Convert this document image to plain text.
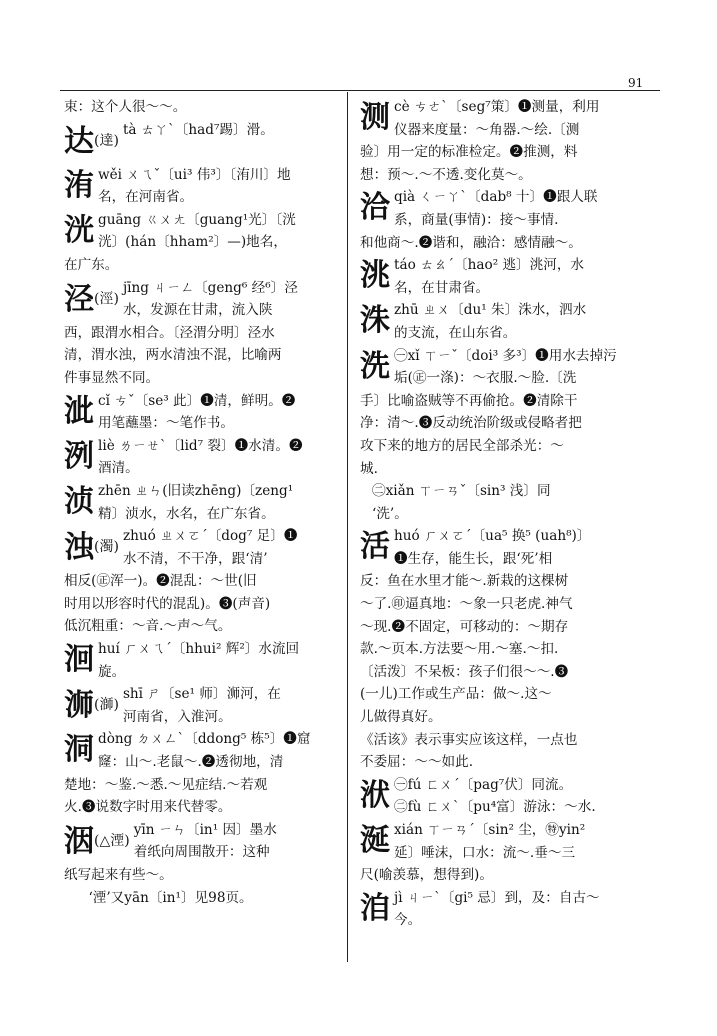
91

束：这个人很～～。

达$^{(達)}$

tà ㄊㄚˋ〔had⁷踢〕滑。

洧 wěi ㄨㄟˇ〔ui³ 伟³〕〔洧川〕地

名，在河南省。

洸 guāng ㄍㄨㄤ〔guang¹光〕〔洸

洸〕(hán〔hham²〕—)地名，

在广东。

泾$^{(涇)}$

jīng ㄐㄧㄥ〔geng⁶ 经⁶〕泾

水，发源在甘肃，流入陕

西，跟渭水相合。〔泾渭分明〕泾水

清，渭水浊，两水清浊不混，比喻两

件事显然不同。

泚 cǐ ㄘˇ〔se³ 此〕❶清，鲜明。❷

用笔蘸墨：～笔作书。

洌 liè ㄌㄧㄝˋ〔lid⁷ 裂〕❶水清。❷

酒清。

浈 zhēn ㄓㄣ(旧读zhēng)〔zeng¹

精〕浈水，水名，在广东省。

浊$^{(濁)}$

zhuó ㄓㄨㄛˊ〔dog⁷ 足〕❶

水不清，不干净，跟‘清’

相反(㊣浑一)。❷混乱：～世(旧

时用以形容时代的混乱)。❸(声音)

低沉粗重：～音.～声～气。

洄 huí ㄏㄨㄟˊ〔hhui² 辉²〕水流回

旋。

浉$^{(溮)}$

shī ㄕ〔se¹ 师〕浉河，在

河南省，入淮河。

洞 dòng ㄉㄨㄥˋ〔ddong⁵ 栋⁵〕❶窟

窿：山～.老鼠～.❷透彻地，清

楚地：～鉴.～悉.～见症结.～若观

火.❸说数字时用来代替零。

洇$^{(\triangle 湮)}$

yīn ㄧㄣ〔in¹ 因〕墨水

着纸向周围散开：这种

纸写起来有些～。

‘湮’又yān〔in¹〕见98页。

测 cè ㄘㄜˋ〔seg⁷策〕❶测量，利用

仪器来度量：～角器.～绘.〔测

验〕用一定的标准检定。❷推测，料

想：预～.～不透.变化莫～。

洽 qià ㄑㄧㄚˋ〔dab⁸ 十〕❶跟人联

系，商量(事情)：接～事情.

和他商～.❷谐和，融洽：感情融～。

洮 táo ㄊㄠˊ〔hao² 逃〕洮河，水

名，在甘肃省。

洙 zhū ㄓㄨ〔du¹ 朱〕洙水，泗水

的支流，在山东省。

洗 ㊀xǐ ㄒㄧˇ〔doi³ 多³〕❶用水去掉污

垢(㊣一涤)：～衣服.～脸.〔洗

手〕比喻盗贼等不再偷抢。❷清除干

净：清～.❸反动统治阶级或侵略者把

攻下来的地方的居民全部杀光：～

城.

㊁xiǎn ㄒㄧㄢˇ〔sin³ 浅〕同

‘洗’。

活 huó ㄏㄨㄛˊ〔ua⁵ 换⁵ (uah⁸)〕

❶生存，能生长，跟‘死’相

反：鱼在水里才能～.新栽的这棵树

～了.㊞逼真地：～象一只老虎.神气

～现.❷不固定，可移动的：～期存

款.～页本.方法要～用.～塞.～扣.

〔活泼〕不呆板：孩子们很～～.❸

(一儿)工作或生产品：做～.这～

儿做得真好。

《活该》表示事实应该这样，一点也

不委屈：～～如此.

洑 ㊀fú ㄈㄨˊ〔pag⁷伏〕同流。

㊁fù ㄈㄨˋ〔pu⁴富〕游泳：～水.

涎 xián ㄒㄧㄢˊ〔sin² 尘，㊕yin²

延〕唾沫，口水：流～.垂～三

尺(喻羡慕，想得到)。

洎 jì ㄐㄧˋ〔gi⁵ 忌〕到，及：自古～

今。
